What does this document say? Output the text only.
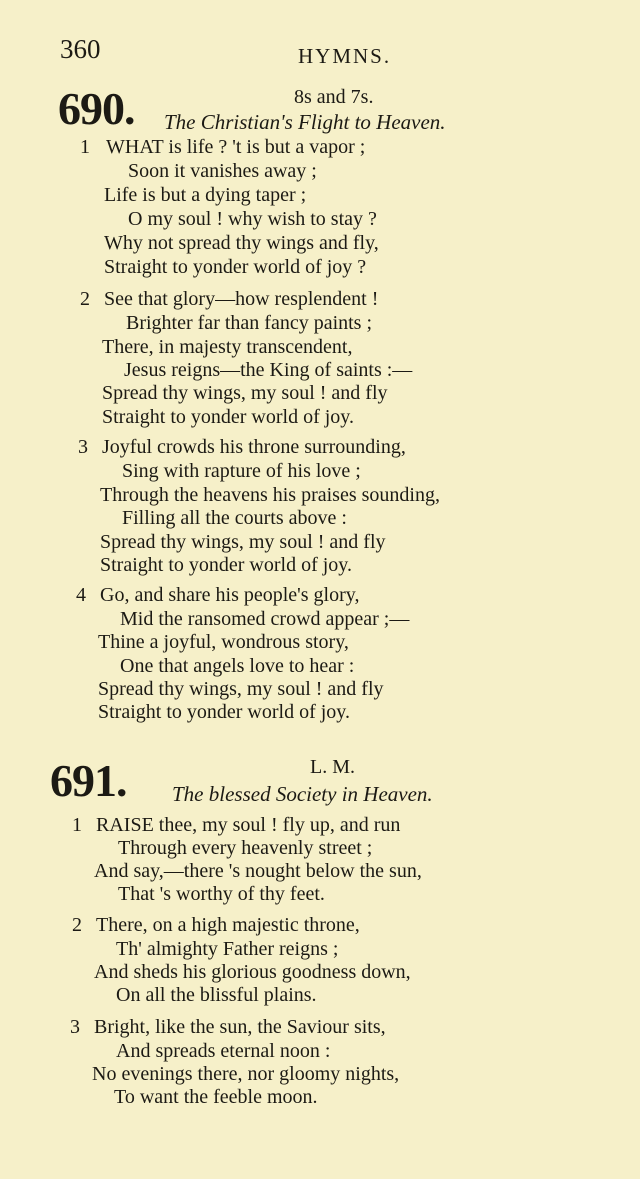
360	HYMNS.
690.	8s and 7s.
The Christian's Flight to Heaven.
1 WHAT is life ? 't is but a vapor ;
Soon it vanishes away ;
Life is but a dying taper ;
O my soul ! why wish to stay ?
Why not spread thy wings and fly,
Straight to yonder world of joy ?
2 See that glory—how resplendent !
Brighter far than fancy paints ;
There, in majesty transcendent,
Jesus reigns—the King of saints :—
Spread thy wings, my soul ! and fly
Straight to yonder world of joy.
3 Joyful crowds his throne surrounding,
Sing with rapture of his love ;
Through the heavens his praises sounding,
Filling all the courts above :
Spread thy wings, my soul ! and fly
Straight to yonder world of joy.
4 Go, and share his people's glory,
Mid the ransomed crowd appear ;—
Thine a joyful, wondrous story,
One that angels love to hear :
Spread thy wings, my soul ! and fly
Straight to yonder world of joy.
691.	L. M.
The blessed Society in Heaven.
1 RAISE thee, my soul ! fly up, and run
Through every heavenly street ;
And say,—there 's nought below the sun,
That 's worthy of thy feet.
2 There, on a high majestic throne,
Th' almighty Father reigns ;
And sheds his glorious goodness down,
On all the blissful plains.
3 Bright, like the sun, the Saviour sits,
And spreads eternal noon :
No evenings there, nor gloomy nights,
To want the feeble moon.
